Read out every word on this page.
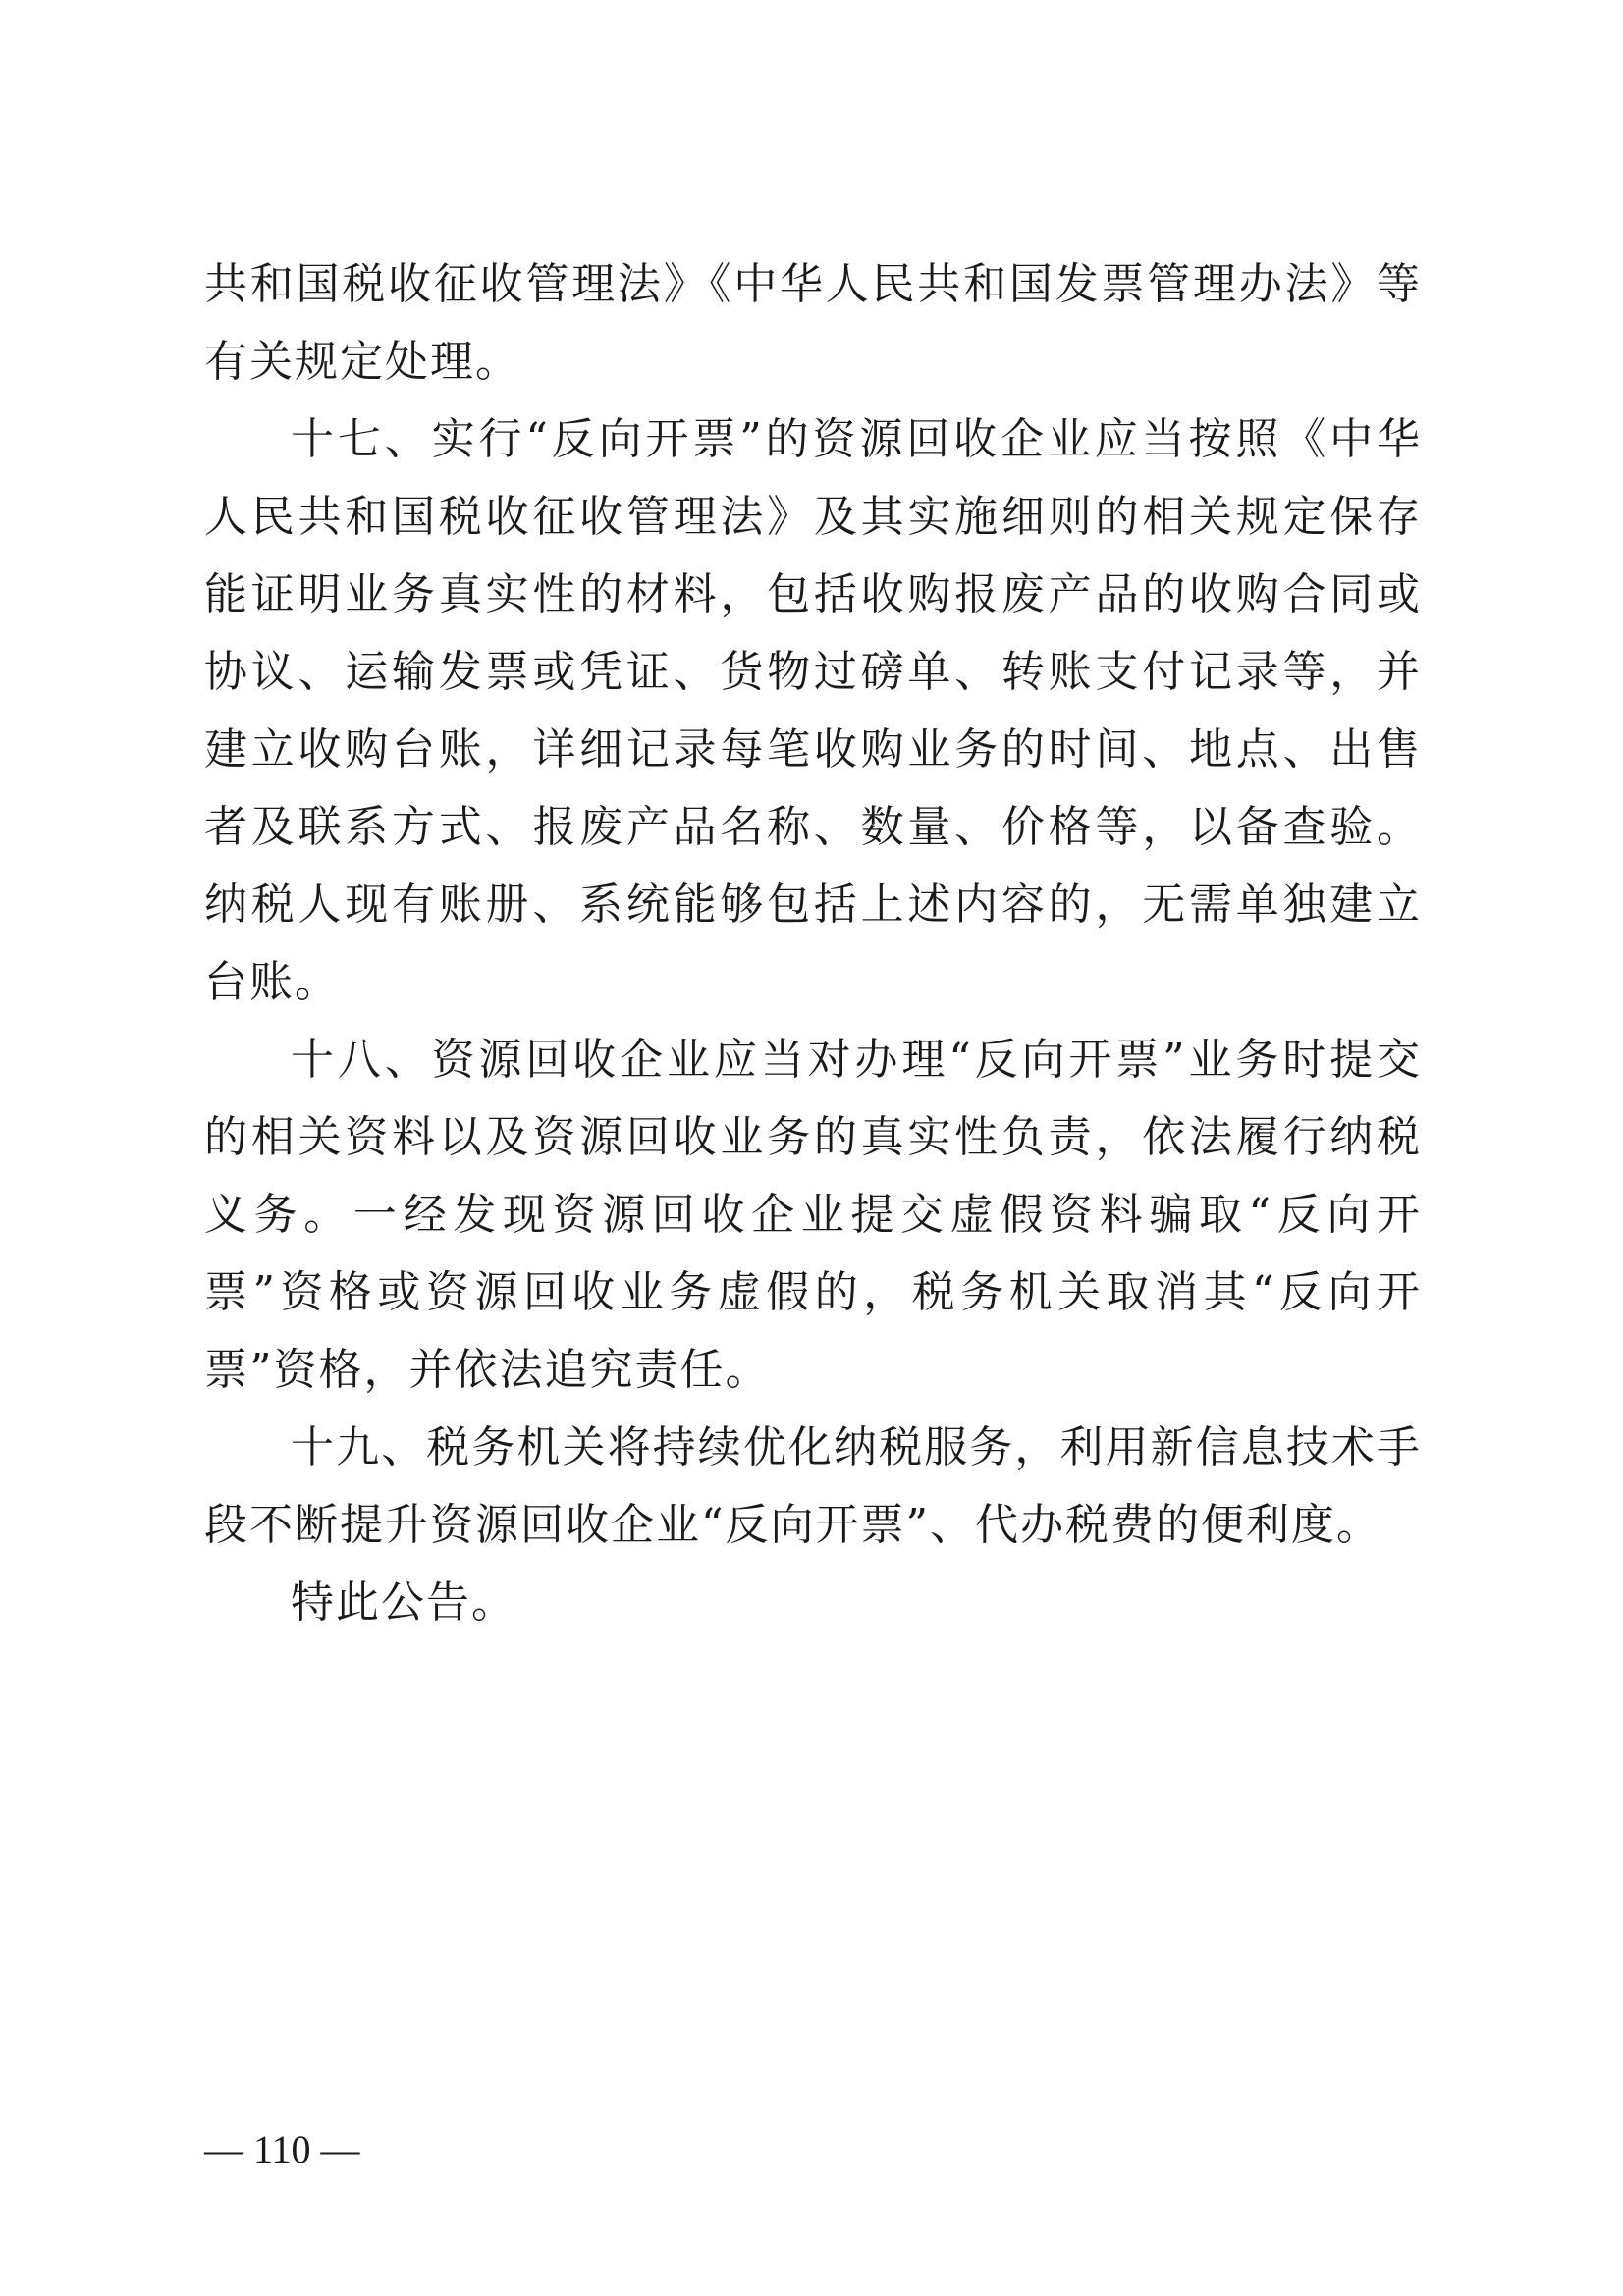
共和国税收征收管理法》《中华人民共和国发票管理办法》等有关规定处理。

十七、实行“反向开票”的资源回收企业应当按照《中华人民共和国税收征收管理法》及其实施细则的相关规定保存能证明业务真实性的材料，包括收购报废产品的收购合同或协议、运输发票或凭证、货物过磅单、转账支付记录等，并建立收购台账，详细记录每笔收购业务的时间、地点、出售者及联系方式、报废产品名称、数量、价格等，以备查验。纳税人现有账册、系统能够包括上述内容的，无需单独建立台账。

十八、资源回收企业应当对办理“反向开票”业务时提交的相关资料以及资源回收业务的真实性负责，依法履行纳税义务。一经发现资源回收企业提交虚假资料骗取“反向开票”资格或资源回收业务虚假的，税务机关取消其“反向开票”资格，并依法追究责任。

十九、税务机关将持续优化纳税服务，利用新信息技术手段不断提升资源回收企业“反向开票”、代办税费的便利度。

特此公告。

— 110 —
